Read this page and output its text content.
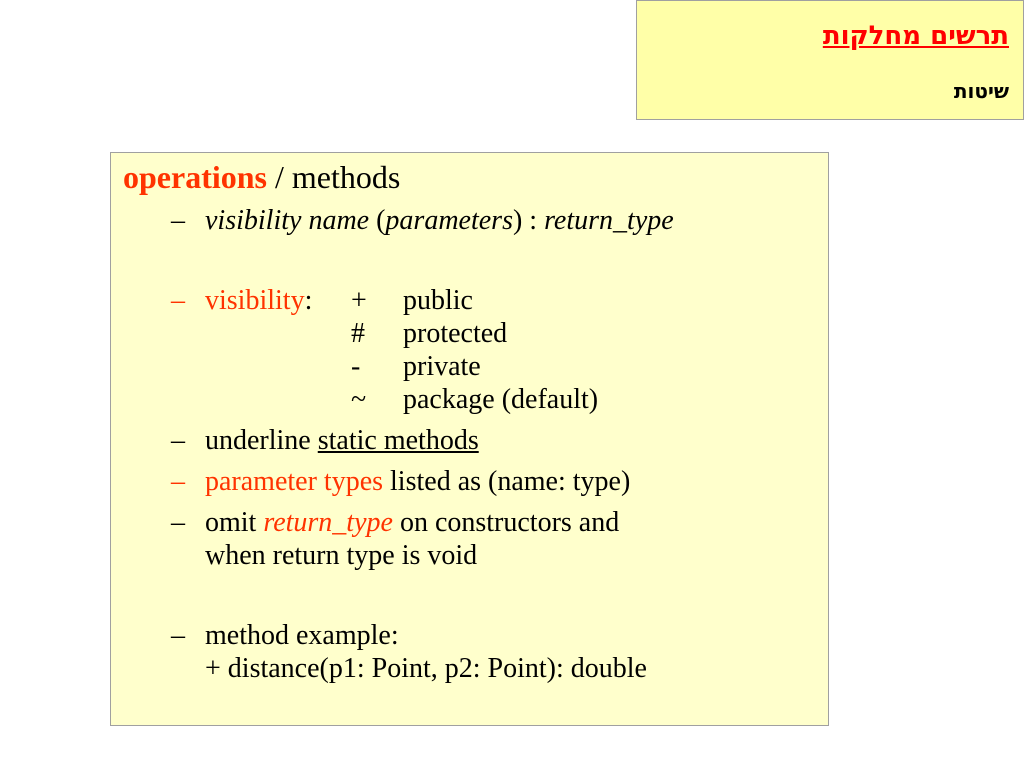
תרשים מחלקות
שיטות
operations / methods
– visibility name (parameters) : return_type
– visibility: + public
# protected
- private
~ package (default)
– underline static methods
– parameter types listed as (name: type)
– omit return_type on constructors and
when return type is void
– method example:
+ distance(p1: Point, p2: Point): double
